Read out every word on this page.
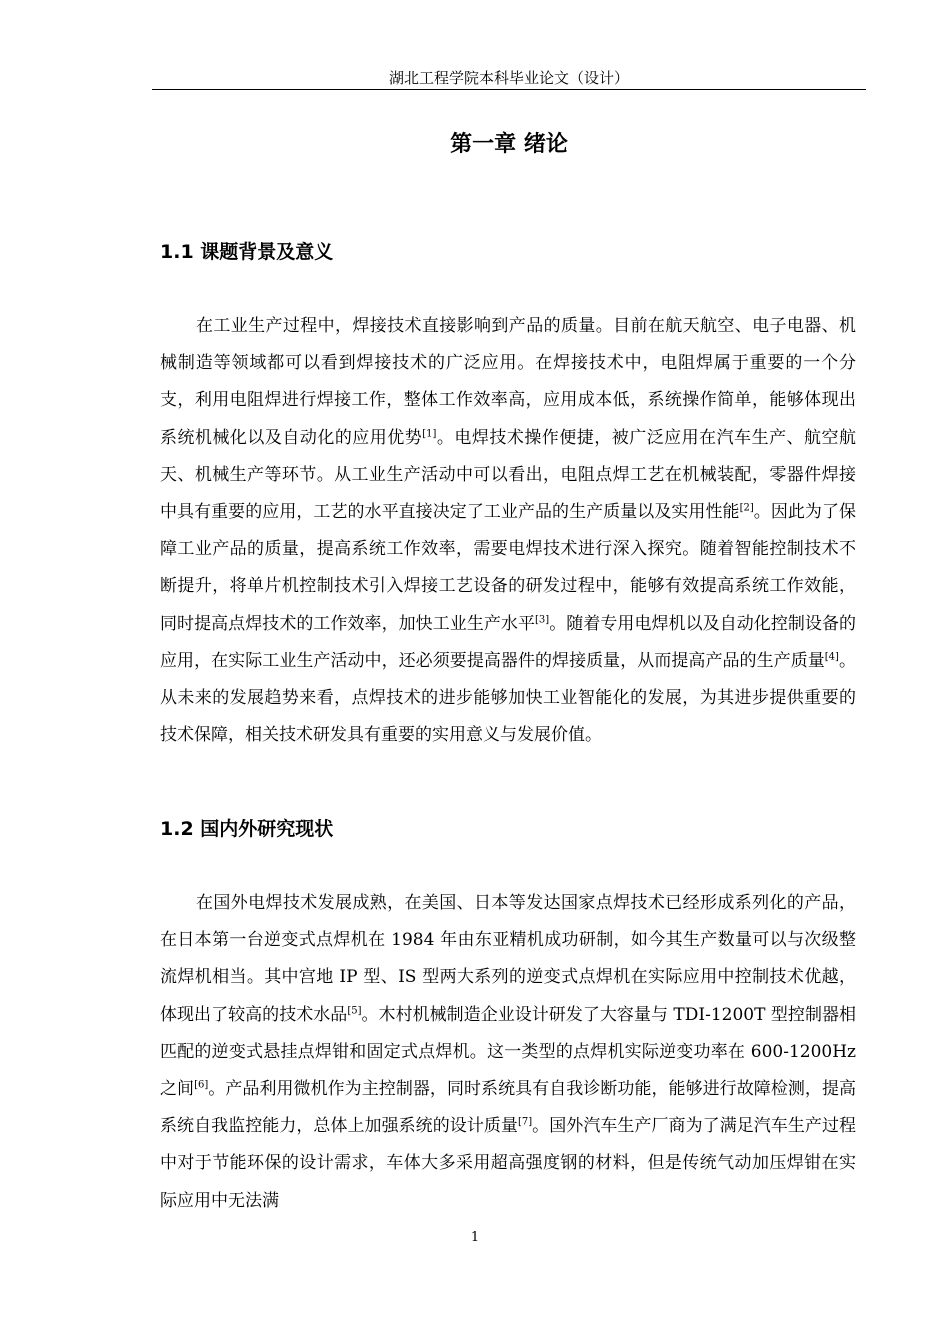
湖北工程学院本科毕业论文（设计）
第一章 绪论
1.1 课题背景及意义

在工业生产过程中，焊接技术直接影响到产品的质量。目前在航天航空、电子电器、机械制造等领域都可以看到焊接技术的广泛应用。在焊接技术中，电阻焊属于重要的一个分支，利用电阻焊进行焊接工作，整体工作效率高，应用成本低，系统操作简单，能够体现出系统机械化以及自动化的应用优势[1]。电焊技术操作便捷，被广泛应用在汽车生产、航空航天、机械生产等环节。从工业生产活动中可以看出，电阻点焊工艺在机械装配，零器件焊接中具有重要的应用，工艺的水平直接决定了工业产品的生产质量以及实用性能[2]。因此为了保障工业产品的质量，提高系统工作效率，需要电焊技术进行深入探究。随着智能控制技术不断提升，将单片机控制技术引入焊接工艺设备的研发过程中，能够有效提高系统工作效能，同时提高点焊技术的工作效率，加快工业生产水平[3]。随着专用电焊机以及自动化控制设备的应用，在实际工业生产活动中，还必须要提高器件的焊接质量，从而提高产品的生产质量[4]。从未来的发展趋势来看，点焊技术的进步能够加快工业智能化的发展，为其进步提供重要的技术保障，相关技术研发具有重要的实用意义与发展价值。

1.2 国内外研究现状

在国外电焊技术发展成熟，在美国、日本等发达国家点焊技术已经形成系列化的产品，在日本第一台逆变式点焊机在 1984 年由东亚精机成功研制，如今其生产数量可以与次级整流焊机相当。其中宫地 IP 型、IS 型两大系列的逆变式点焊机在实际应用中控制技术优越，体现出了较高的技术水品[5]。木村机械制造企业设计研发了大容量与 TDI-1200T 型控制器相匹配的逆变式悬挂点焊钳和固定式点焊机。这一类型的点焊机实际逆变功率在 600-1200Hz 之间[6]。产品利用微机作为主控制器，同时系统具有自我诊断功能，能够进行故障检测，提高系统自我监控能力，总体上加强系统的设计质量[7]。国外汽车生产厂商为了满足汽车生产过程中对于节能环保的设计需求，车体大多采用超高强度钢的材料，但是传统气动加压焊钳在实际应用中无法满

1
